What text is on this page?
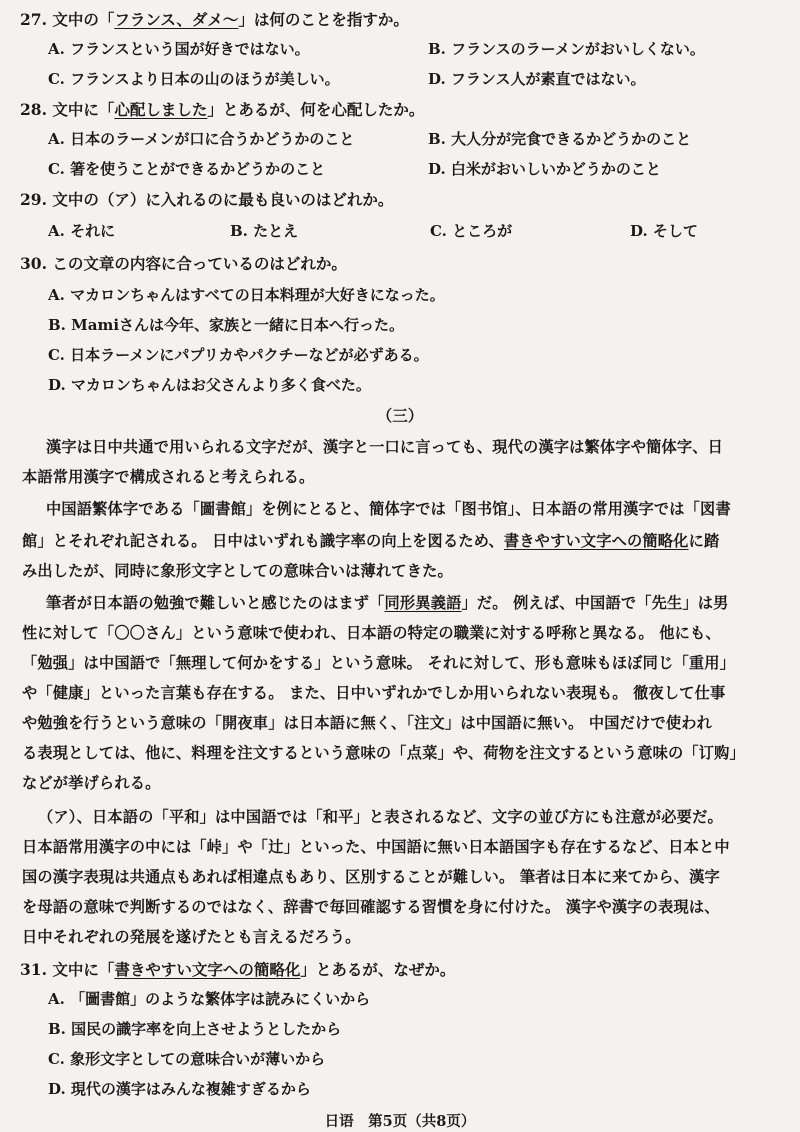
27. 文中の「フランス、ダメ～」は何のことを指すか。
A. フランスという国が好きではない。	B. フランスのラーメンがおいしくない。
C. フランスより日本の山のほうが美しい。	D. フランス人が素直ではない。
28. 文中に「心配しました」とあるが、何を心配したか。
A. 日本のラーメンが口に合うかどうかのこと	B. 大人分が完食できるかどうかのこと
C. 箸を使うことができるかどうかのこと	D. 白米がおいしいかどうかのこと
29. 文中の（ア）に入れるのに最も良いのはどれか。
A. それに	B. たとえ	C. ところが	D. そして
30. この文章の内容に合っているのはどれか。
A. マカロンちゃんはすべての日本料理が大好きになった。
B. Mamiさんは今年、家族と一緒に日本へ行った。
C. 日本ラーメンにパプリカやパクチーなどが必ずある。
D. マカロンちゃんはお父さんより多く食べた。
（三）
漢字は日中共通で用いられる文字だが、漢字と一口に言っても、現代の漢字は繁体字や簡体字、日
本語常用漢字で構成されると考えられる。
中国語繁体字である「圖書館」を例にとると、簡体字では「图书馆」、日本語の常用漢字では「図書
館」とそれぞれ記される。 日中はいずれも識字率の向上を図るため、書きやすい文字への簡略化に踏
み出したが、同時に象形文字としての意味合いは薄れてきた。
筆者が日本語の勉強で難しいと感じたのはまず「同形異義語」だ。 例えば、中国語で「先生」は男
性に対して「〇〇さん」という意味で使われ、日本語の特定の職業に対する呼称と異なる。 他にも、
「勉强」は中国語で「無理して何かをする」という意味。 それに対して、形も意味もほぼ同じ「重用」
や「健康」といった言葉も存在する。 また、日中いずれかでしか用いられない表現も。 徹夜して仕事
や勉強を行うという意味の「開夜車」は日本語に無く、「注文」は中国語に無い。 中国だけで使われ
る表現としては、他に、料理を注文するという意味の「点菜」や、荷物を注文するという意味の「订购」
などが挙げられる。
（ア）、日本語の「平和」は中国語では「和平」と表されるなど、文字の並び方にも注意が必要だ。
日本語常用漢字の中には「峠」や「辻」といった、中国語に無い日本語国字も存在するなど、日本と中
国の漢字表現は共通点もあれば相違点もあり、区別することが難しい。 筆者は日本に来てから、漢字
を母語の意味で判断するのではなく、辞書で毎回確認する習慣を身に付けた。 漢字や漢字の表現は、
日中それぞれの発展を遂げたとも言えるだろう。
31. 文中に「書きやすい文字への簡略化」とあるが、なぜか。
A. 「圖書館」のような繁体字は読みにくいから
B. 国民の識字率を向上させようとしたから
C. 象形文字としての意味合いが薄いから
D. 現代の漢字はみんな複雑すぎるから
日语　第5页（共8页）
